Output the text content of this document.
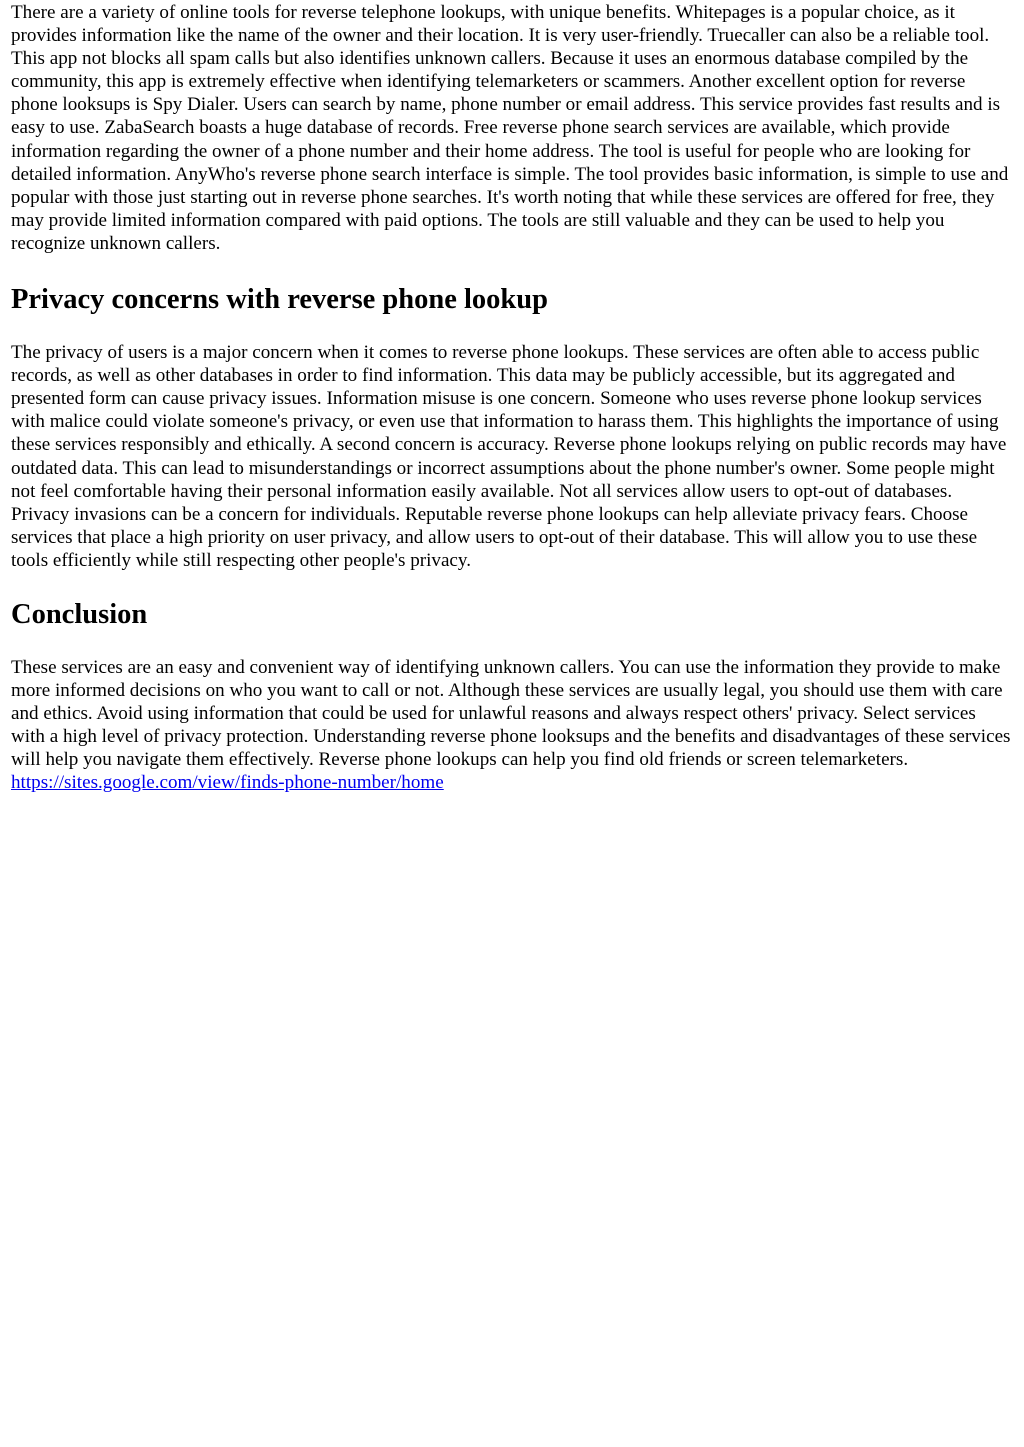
There are a variety of online tools for reverse telephone lookups, with unique benefits. Whitepages is a popular choice, as it provides information like the name of the owner and their location. It is very user-friendly. Truecaller can also be a reliable tool. This app not blocks all spam calls but also identifies unknown callers. Because it uses an enormous database compiled by the community, this app is extremely effective when identifying telemarketers or scammers. Another excellent option for reverse phone looksups is Spy Dialer. Users can search by name, phone number or email address. This service provides fast results and is easy to use. ZabaSearch boasts a huge database of records. Free reverse phone search services are available, which provide information regarding the owner of a phone number and their home address. The tool is useful for people who are looking for detailed information. AnyWho's reverse phone search interface is simple. The tool provides basic information, is simple to use and popular with those just starting out in reverse phone searches. It's worth noting that while these services are offered for free, they may provide limited information compared with paid options. The tools are still valuable and they can be used to help you recognize unknown callers.

Privacy concerns with reverse phone lookup

The privacy of users is a major concern when it comes to reverse phone lookups. These services are often able to access public records, as well as other databases in order to find information. This data may be publicly accessible, but its aggregated and presented form can cause privacy issues. Information misuse is one concern. Someone who uses reverse phone lookup services with malice could violate someone's privacy, or even use that information to harass them. This highlights the importance of using these services responsibly and ethically. A second concern is accuracy. Reverse phone lookups relying on public records may have outdated data. This can lead to misunderstandings or incorrect assumptions about the phone number's owner. Some people might not feel comfortable having their personal information easily available. Not all services allow users to opt-out of databases. Privacy invasions can be a concern for individuals. Reputable reverse phone lookups can help alleviate privacy fears. Choose services that place a high priority on user privacy, and allow users to opt-out of their database. This will allow you to use these tools efficiently while still respecting other people's privacy.

Conclusion

These services are an easy and convenient way of identifying unknown callers. You can use the information they provide to make more informed decisions on who you want to call or not. Although these services are usually legal, you should use them with care and ethics. Avoid using information that could be used for unlawful reasons and always respect others' privacy. Select services with a high level of privacy protection. Understanding reverse phone looksups and the benefits and disadvantages of these services will help you navigate them effectively. Reverse phone lookups can help you find old friends or screen telemarketers. https://sites.google.com/view/finds-phone-number/home
